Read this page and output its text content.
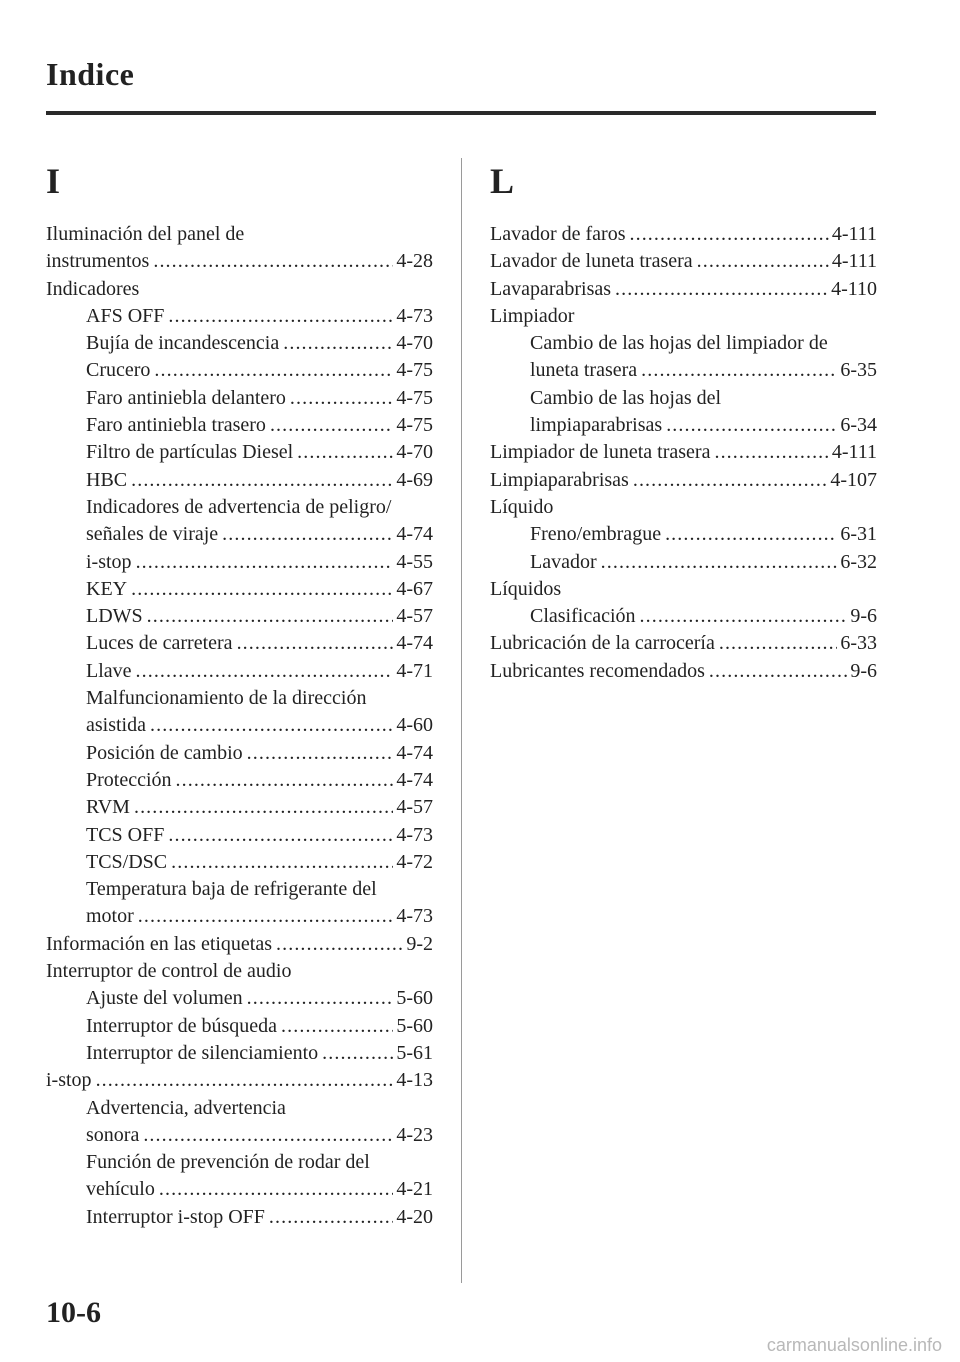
Indice
I
Iluminación del panel de
instrumentos .....	4-28
Indicadores
AFS OFF .....	4-73
Bujía de incandescencia .....	4-70
Crucero .....	4-75
Faro antiniebla delantero .....	4-75
Faro antiniebla trasero .....	4-75
Filtro de partículas Diesel .....	4-70
HBC .....	4-69
Indicadores de advertencia de peligro/
señales de viraje .....	4-74
i-stop .....	4-55
KEY .....	4-67
LDWS .....	4-57
Luces de carretera .....	4-74
Llave .....	4-71
Malfuncionamiento de la dirección
asistida .....	4-60
Posición de cambio .....	4-74
Protección .....	4-74
RVM .....	4-57
TCS OFF .....	4-73
TCS/DSC .....	4-72
Temperatura baja de refrigerante del
motor .....	4-73
Información en las etiquetas .....	9-2
Interruptor de control de audio
Ajuste del volumen .....	5-60
Interruptor de búsqueda .....	5-60
Interruptor de silenciamiento .....	5-61
i-stop .....	4-13
Advertencia, advertencia
sonora .....	4-23
Función de prevención de rodar del
vehículo .....	4-21
Interruptor i-stop OFF .....	4-20
L
Lavador de faros .....	4-111
Lavador de luneta trasera .....	4-111
Lavaparabrisas .....	4-110
Limpiador
Cambio de las hojas del limpiador de
luneta trasera .....	6-35
Cambio de las hojas del
limpiaparabrisas .....	6-34
Limpiador de luneta trasera .....	4-111
Limpiaparabrisas .....	4-107
Líquido
Freno/embrague .....	6-31
Lavador .....	6-32
Líquidos
Clasificación .....	9-6
Lubricación de la carrocería .....	6-33
Lubricantes recomendados .....	9-6
10-6
carmanualsonline.info
